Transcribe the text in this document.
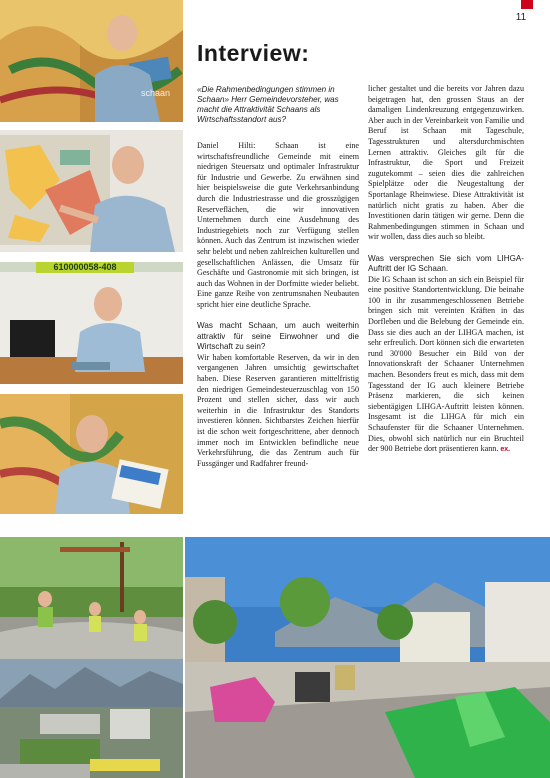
11
schaan
610000058-408
Interview:
«Die Rahmenbedingungen stimmen in Schaan» Herr Gemeindevorsteher, was macht die Attraktivität Schaans als Wirtschaftsstandort aus?

Daniel Hilti: Schaan ist eine wirtschaftsfreundliche Gemeinde mit einem niedrigen Steuersatz und optimaler Infrastruktur für Industrie und Gewerbe. Zu erwähnen sind hier beispielsweise die gute Verkehrsanbindung durch die Industriestrasse und die grosszügigen Reserveflächen, die wir innovativen Unternehmen durch eine Ausdehnung des Industriegebiets noch zur Verfügung stellen können. Auch das Zentrum ist inzwischen wieder sehr belebt und neben zahlreichen kulturellen und gesellschaftlichen Anlässen, die Umsatz für Geschäfte und Gastronomie mit sich bringen, ist auch das Wohnen in der Dorfmitte wieder beliebt. Eine ganze Reihe von zentrumsnahen Neubauten spricht hier eine deutliche Sprache.

Was macht Schaan, um auch weiterhin attraktiv für seine Einwohner und die Wirtschaft zu sein?

Wir haben komfortable Reserven, da wir in den vergangenen Jahren umsichtig gewirtschaftet haben. Diese Reserven garantieren mittelfristig den niedrigen Gemeindesteuerzuschlag von 150 Prozent und stellen sicher, dass wir auch weiterhin in die Infrastruktur des Standorts investieren können. Sichtbarstes Zeichen hierfür ist die schon weit fortgeschrittene, aber dennoch immer noch im Entwicklen befindliche neue Verkehrsführung, die das Zentrum auch für Fussgänger und Radfahrer freund-

licher gestaltet und die bereits vor Jahren dazu beigetragen hat, den grossen Staus an der damaligen Lindenkreuzung entgegenzuwirken. Aber auch in der Vereinbarkeit von Familie und Beruf ist Schaan mit Tageschule, Tagesstrukturen und altersdurchmischten Lernen attraktiv. Gleiches gilt für die Infrastruktur, die Sport und Freizeit zugutekommt – seien dies die zahlreichen Spielplätze oder die Neugestaltung der Sportanlage Rheinwiese. Diese Attraktivität ist natürlich nicht gratis zu haben. Aber die Investitionen darin tätigen wir gerne. Denn die Rahmenbedingungen stimmen in Schaan und wir wollen, dass dies auch so bleibt.

Was versprechen Sie sich vom LIHGA-Auftritt der IG Schaan.

Die IG Schaan ist schon an sich ein Beispiel für eine positive Standortentwicklung. Die beinahe 100 in ihr zusammengeschlossenen Betriebe bringen sich mit vereinten Kräften in das Dorfleben und die Belebung der Gemeinde ein. Dass sie dies auch an der LIHGA machen, ist sehr erfreulich. Dort können sich die erwarteten rund 30'000 Besucher ein Bild von der Innovationskraft der Schaaner Unternehmen machen. Besonders freut es mich, dass mit dem Tagesstand der IG auch kleinere Betriebe Präsenz markieren, die sich keinen siebentägigen LIHGA-Auftritt leisten können. Insgesamt ist die LIHGA für mich ein Schaufenster für die Schaaner Unternehmen. Dies, obwohl sich natürlich nur ein Bruchteil der 900 Betriebe dort präsentieren kann. ex.
